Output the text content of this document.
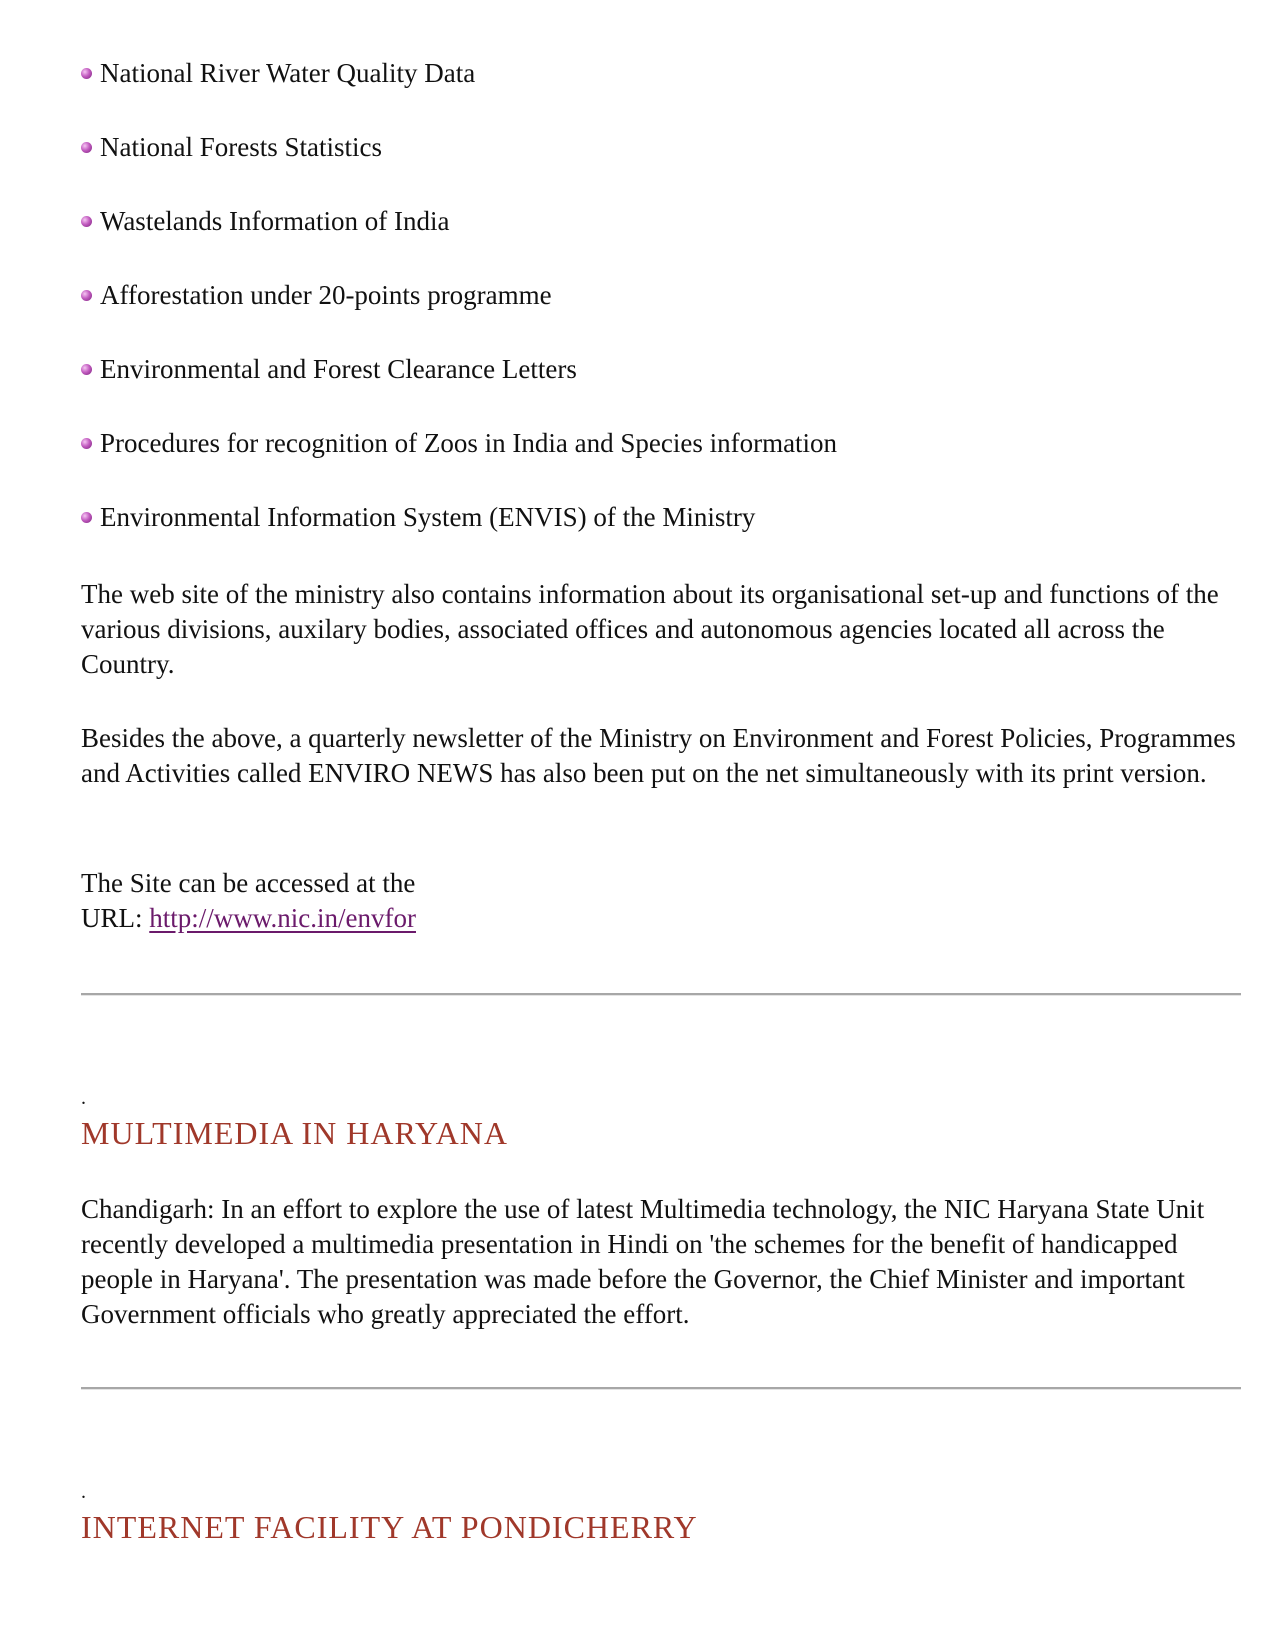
National River Water Quality Data
National Forests Statistics
Wastelands Information of India
Afforestation under 20-points programme
Environmental and Forest Clearance Letters
Procedures for recognition of Zoos in India and Species information
Environmental Information System (ENVIS) of the Ministry

The web site of the ministry also contains information about its organisational set-up and functions of the various divisions, auxilary bodies, associated offices and autonomous agencies located all across the Country.

Besides the above, a quarterly newsletter of the Ministry on Environment and Forest Policies, Programmes and Activities called ENVIRO NEWS has also been put on the net simultaneously with its print version.

The Site can be accessed at the
URL: http://www.nic.in/envfor

.
MULTIMEDIA IN HARYANA

Chandigarh: In an effort to explore the use of latest Multimedia technology, the NIC Haryana State Unit recently developed a multimedia presentation in Hindi on 'the schemes for the benefit of handicapped people in Haryana'. The presentation was made before the Governor, the Chief Minister and important Government officials who greatly appreciated the effort.

.
INTERNET FACILITY AT PONDICHERRY
